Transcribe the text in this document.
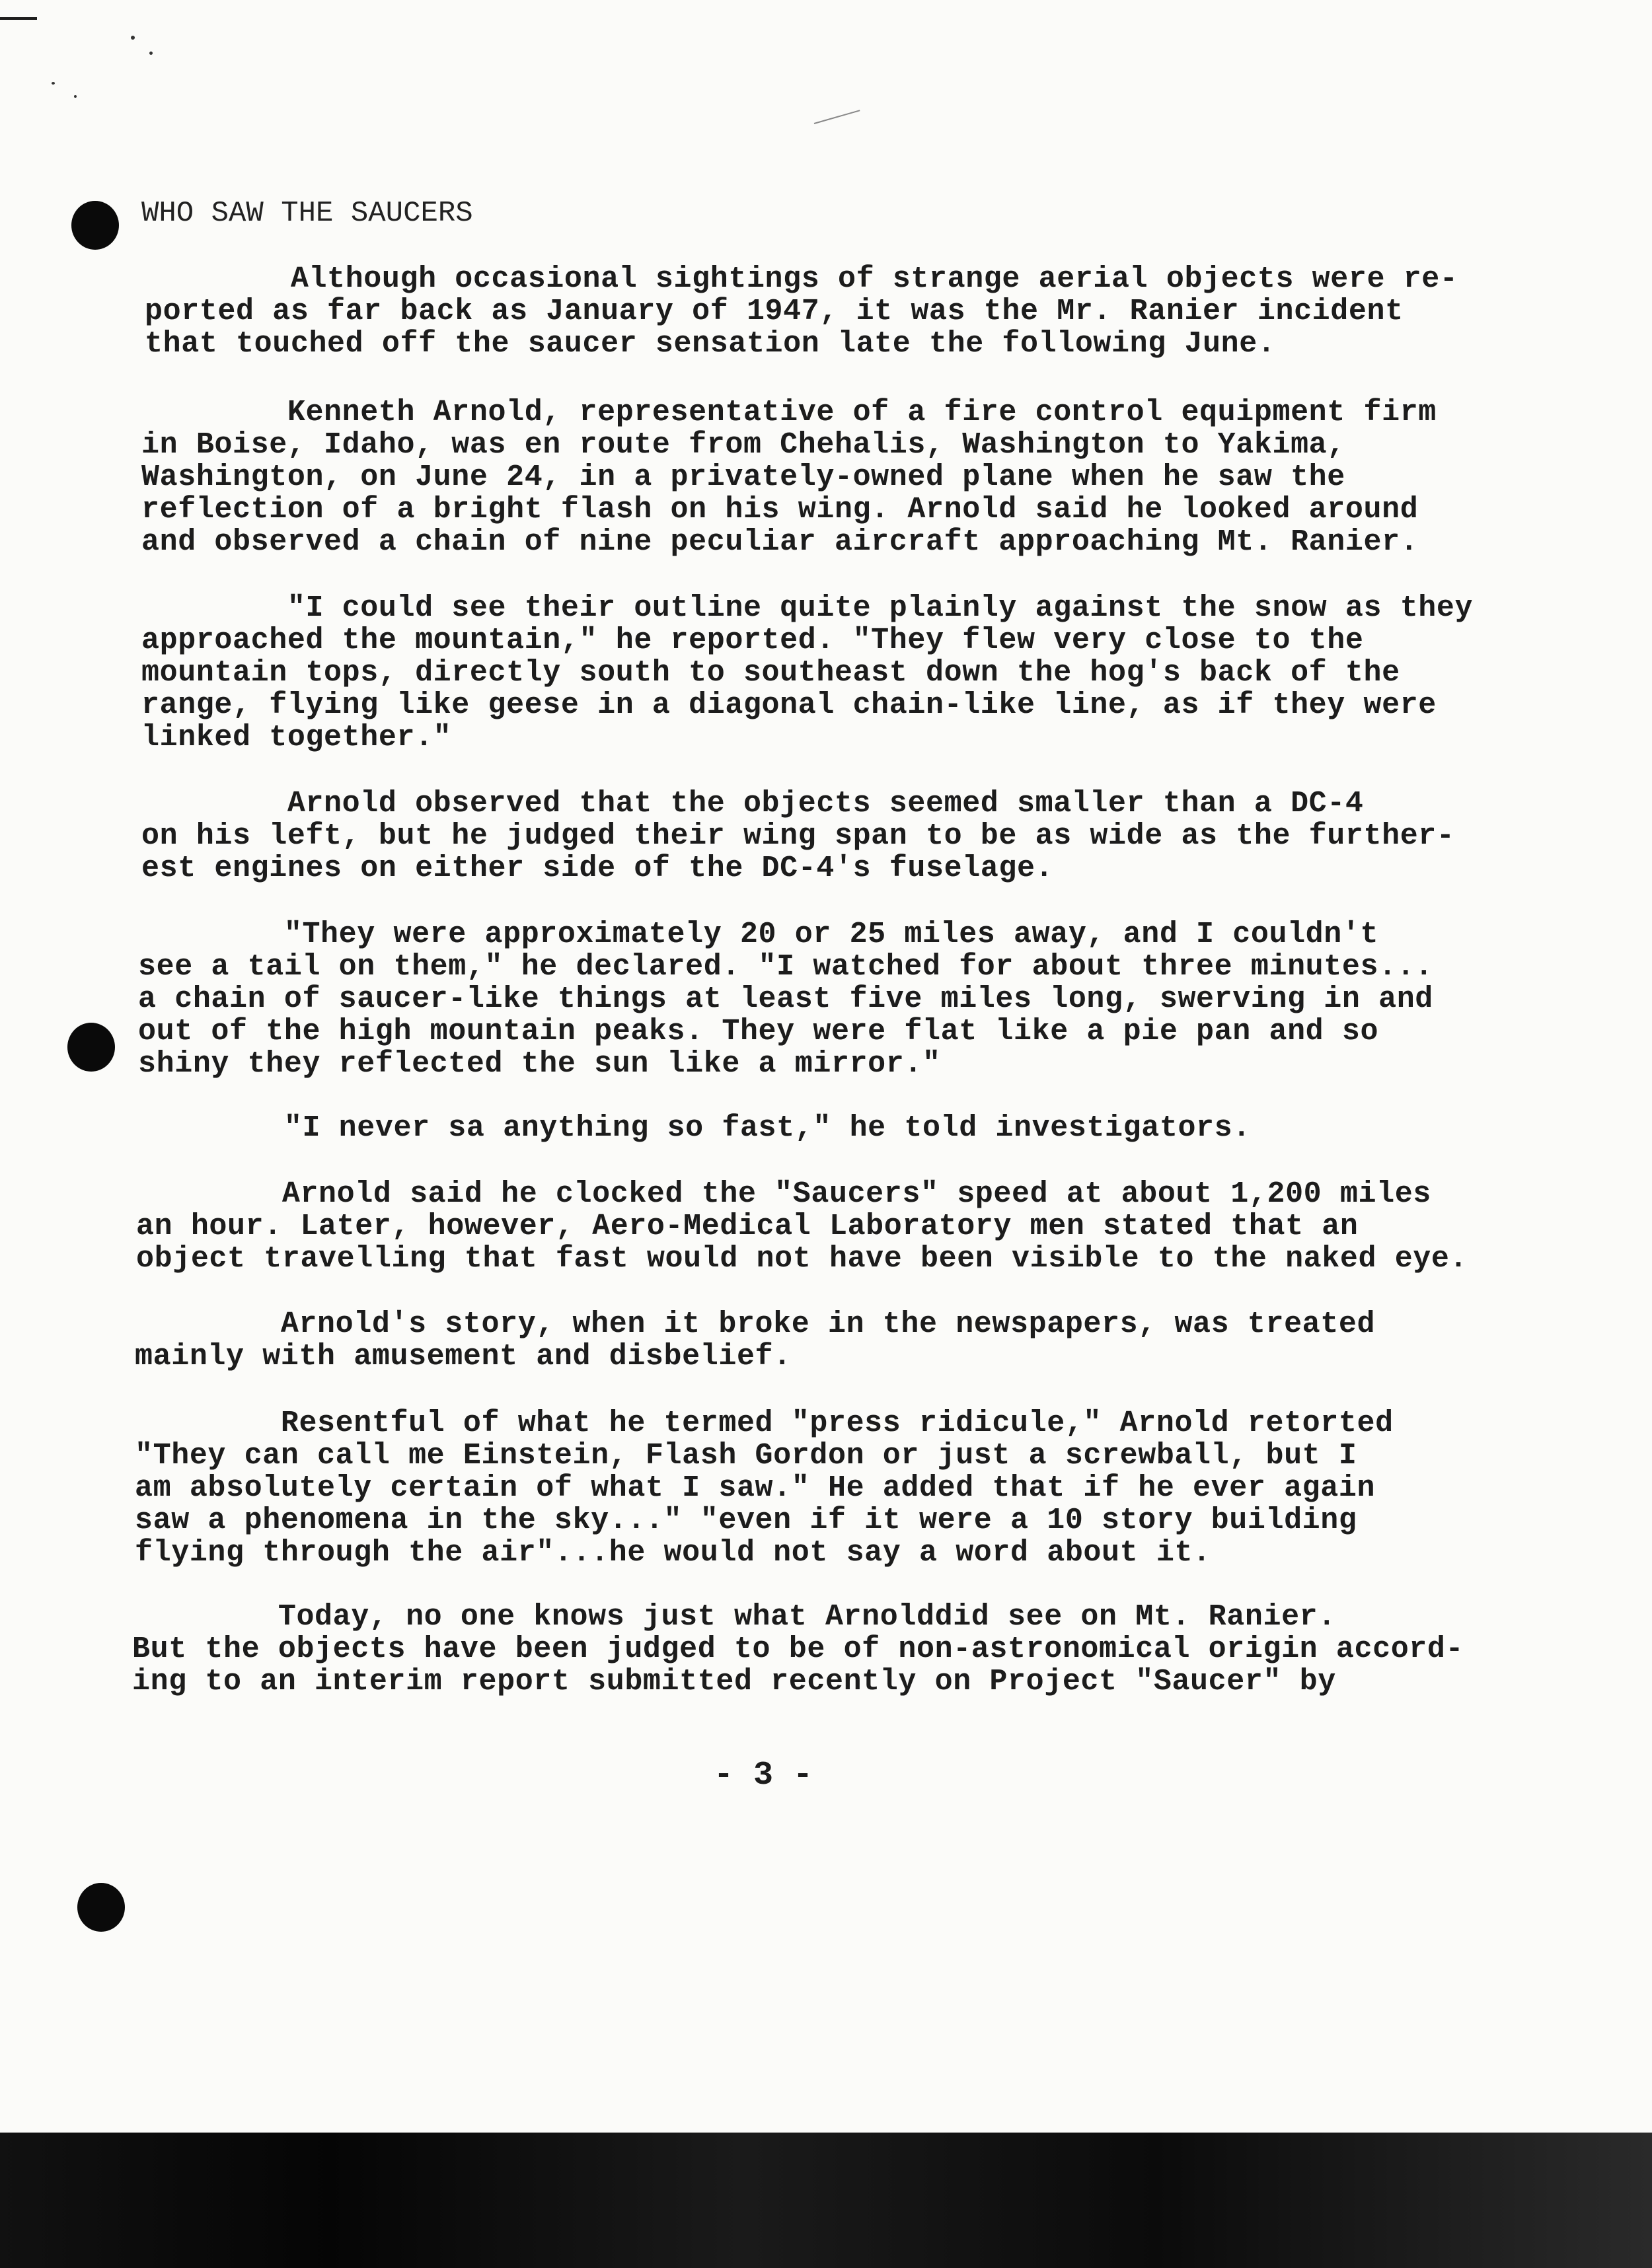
WHO SAW THE SAUCERS
Although occasional sightings of strange aerial objects were re-
ported as far back as January of 1947, it was the Mr. Ranier incident
that touched off the saucer sensation late the following June.
Kenneth Arnold, representative of a fire control equipment firm
in Boise, Idaho, was en route from Chehalis, Washington to Yakima,
Washington, on June 24, in a privately-owned plane when he saw the
reflection of a bright flash on his wing. Arnold said he looked around
and observed a chain of nine peculiar aircraft approaching Mt. Ranier.
"I could see their outline quite plainly against the snow as they
approached the mountain," he reported. "They flew very close to the
mountain tops, directly south to southeast down the hog's back of the
range, flying like geese in a diagonal chain-like line, as if they were
linked together."
Arnold observed that the objects seemed smaller than a DC-4
on his left, but he judged their wing span to be as wide as the further-
est engines on either side of the DC-4's fuselage.
"They were approximately 20 or 25 miles away, and I couldn't
see a tail on them," he declared. "I watched for about three minutes...
a chain of saucer-like things at least five miles long, swerving in and
out of the high mountain peaks. They were flat like a pie pan and so
shiny they reflected the sun like a mirror."
"I never sa anything so fast," he told investigators.
Arnold said he clocked the "Saucers" speed at about 1,200 miles
an hour. Later, however, Aero-Medical Laboratory men stated that an
object travelling that fast would not have been visible to the naked eye.
Arnold's story, when it broke in the newspapers, was treated
mainly with amusement and disbelief.
Resentful of what he termed "press ridicule," Arnold retorted
"They can call me Einstein, Flash Gordon or just a screwball, but I
am absolutely certain of what I saw." He added that if he ever again
saw a phenomena in the sky..." "even if it were a 10 story building
flying through the air"...he would not say a word about it.
Today, no one knows just what Arnolddid see on Mt. Ranier.
But the objects have been judged to be of non-astronomical origin accord-
ing to an interim report submitted recently on Project "Saucer" by
- 3 -
